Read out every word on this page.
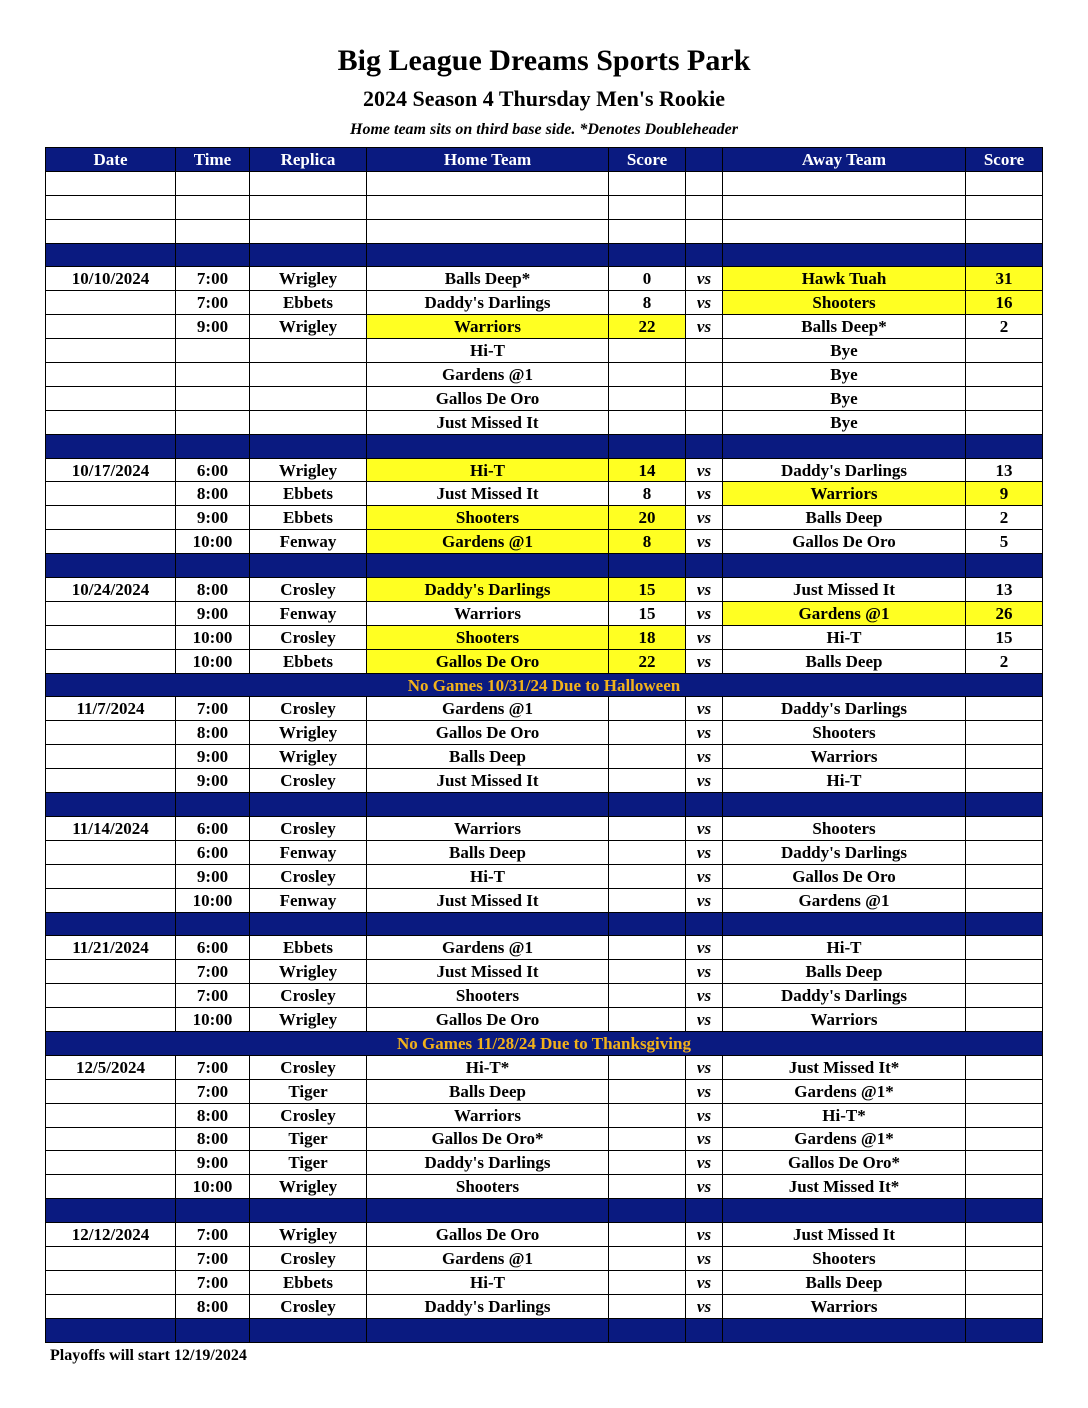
Big League Dreams Sports Park
2024 Season 4 Thursday Men's Rookie
Home team sits on third base side. *Denotes Doubleheader
Date	Time	Replica	Home Team	Score		Away Team	Score

10/10/2024	7:00	Wrigley	Balls Deep*	0	vs	Hawk Tuah	31
	7:00	Ebbets	Daddy's Darlings	8	vs	Shooters	16
	9:00	Wrigley	Warriors	22	vs	Balls Deep*	2
			Hi-T			Bye	
			Gardens @1			Bye	
			Gallos De Oro			Bye	
			Just Missed It			Bye	

10/17/2024	6:00	Wrigley	Hi-T	14	vs	Daddy's Darlings	13
	8:00	Ebbets	Just Missed It	8	vs	Warriors	9
	9:00	Ebbets	Shooters	20	vs	Balls Deep	2
	10:00	Fenway	Gardens @1	8	vs	Gallos De Oro	5

10/24/2024	8:00	Crosley	Daddy's Darlings	15	vs	Just Missed It	13
	9:00	Fenway	Warriors	15	vs	Gardens @1	26
	10:00	Crosley	Shooters	18	vs	Hi-T	15
	10:00	Ebbets	Gallos De Oro	22	vs	Balls Deep	2
No Games 10/31/24 Due to Halloween							
11/7/2024	7:00	Crosley	Gardens @1		vs	Daddy's Darlings	
	8:00	Wrigley	Gallos De Oro		vs	Shooters	
	9:00	Wrigley	Balls Deep		vs	Warriors	
	9:00	Crosley	Just Missed It		vs	Hi-T	

11/14/2024	6:00	Crosley	Warriors		vs	Shooters	
	6:00	Fenway	Balls Deep		vs	Daddy's Darlings	
	9:00	Crosley	Hi-T		vs	Gallos De Oro	
	10:00	Fenway	Just Missed It		vs	Gardens @1	

11/21/2024	6:00	Ebbets	Gardens @1		vs	Hi-T	
	7:00	Wrigley	Just Missed It		vs	Balls Deep	
	7:00	Crosley	Shooters		vs	Daddy's Darlings	
	10:00	Wrigley	Gallos De Oro		vs	Warriors	
No Games 11/28/24 Due to Thanksgiving							
12/5/2024	7:00	Crosley	Hi-T*		vs	Just Missed It*	
	7:00	Tiger	Balls Deep		vs	Gardens @1*	
	8:00	Crosley	Warriors		vs	Hi-T*	
	8:00	Tiger	Gallos De Oro*		vs	Gardens @1*	
	9:00	Tiger	Daddy's Darlings		vs	Gallos De Oro*	
	10:00	Wrigley	Shooters		vs	Just Missed It*	

12/12/2024	7:00	Wrigley	Gallos De Oro		vs	Just Missed It	
	7:00	Crosley	Gardens @1		vs	Shooters	
	7:00	Ebbets	Hi-T		vs	Balls Deep	
	8:00	Crosley	Daddy's Darlings		vs	Warriors	

Playoffs will start 12/19/2024
